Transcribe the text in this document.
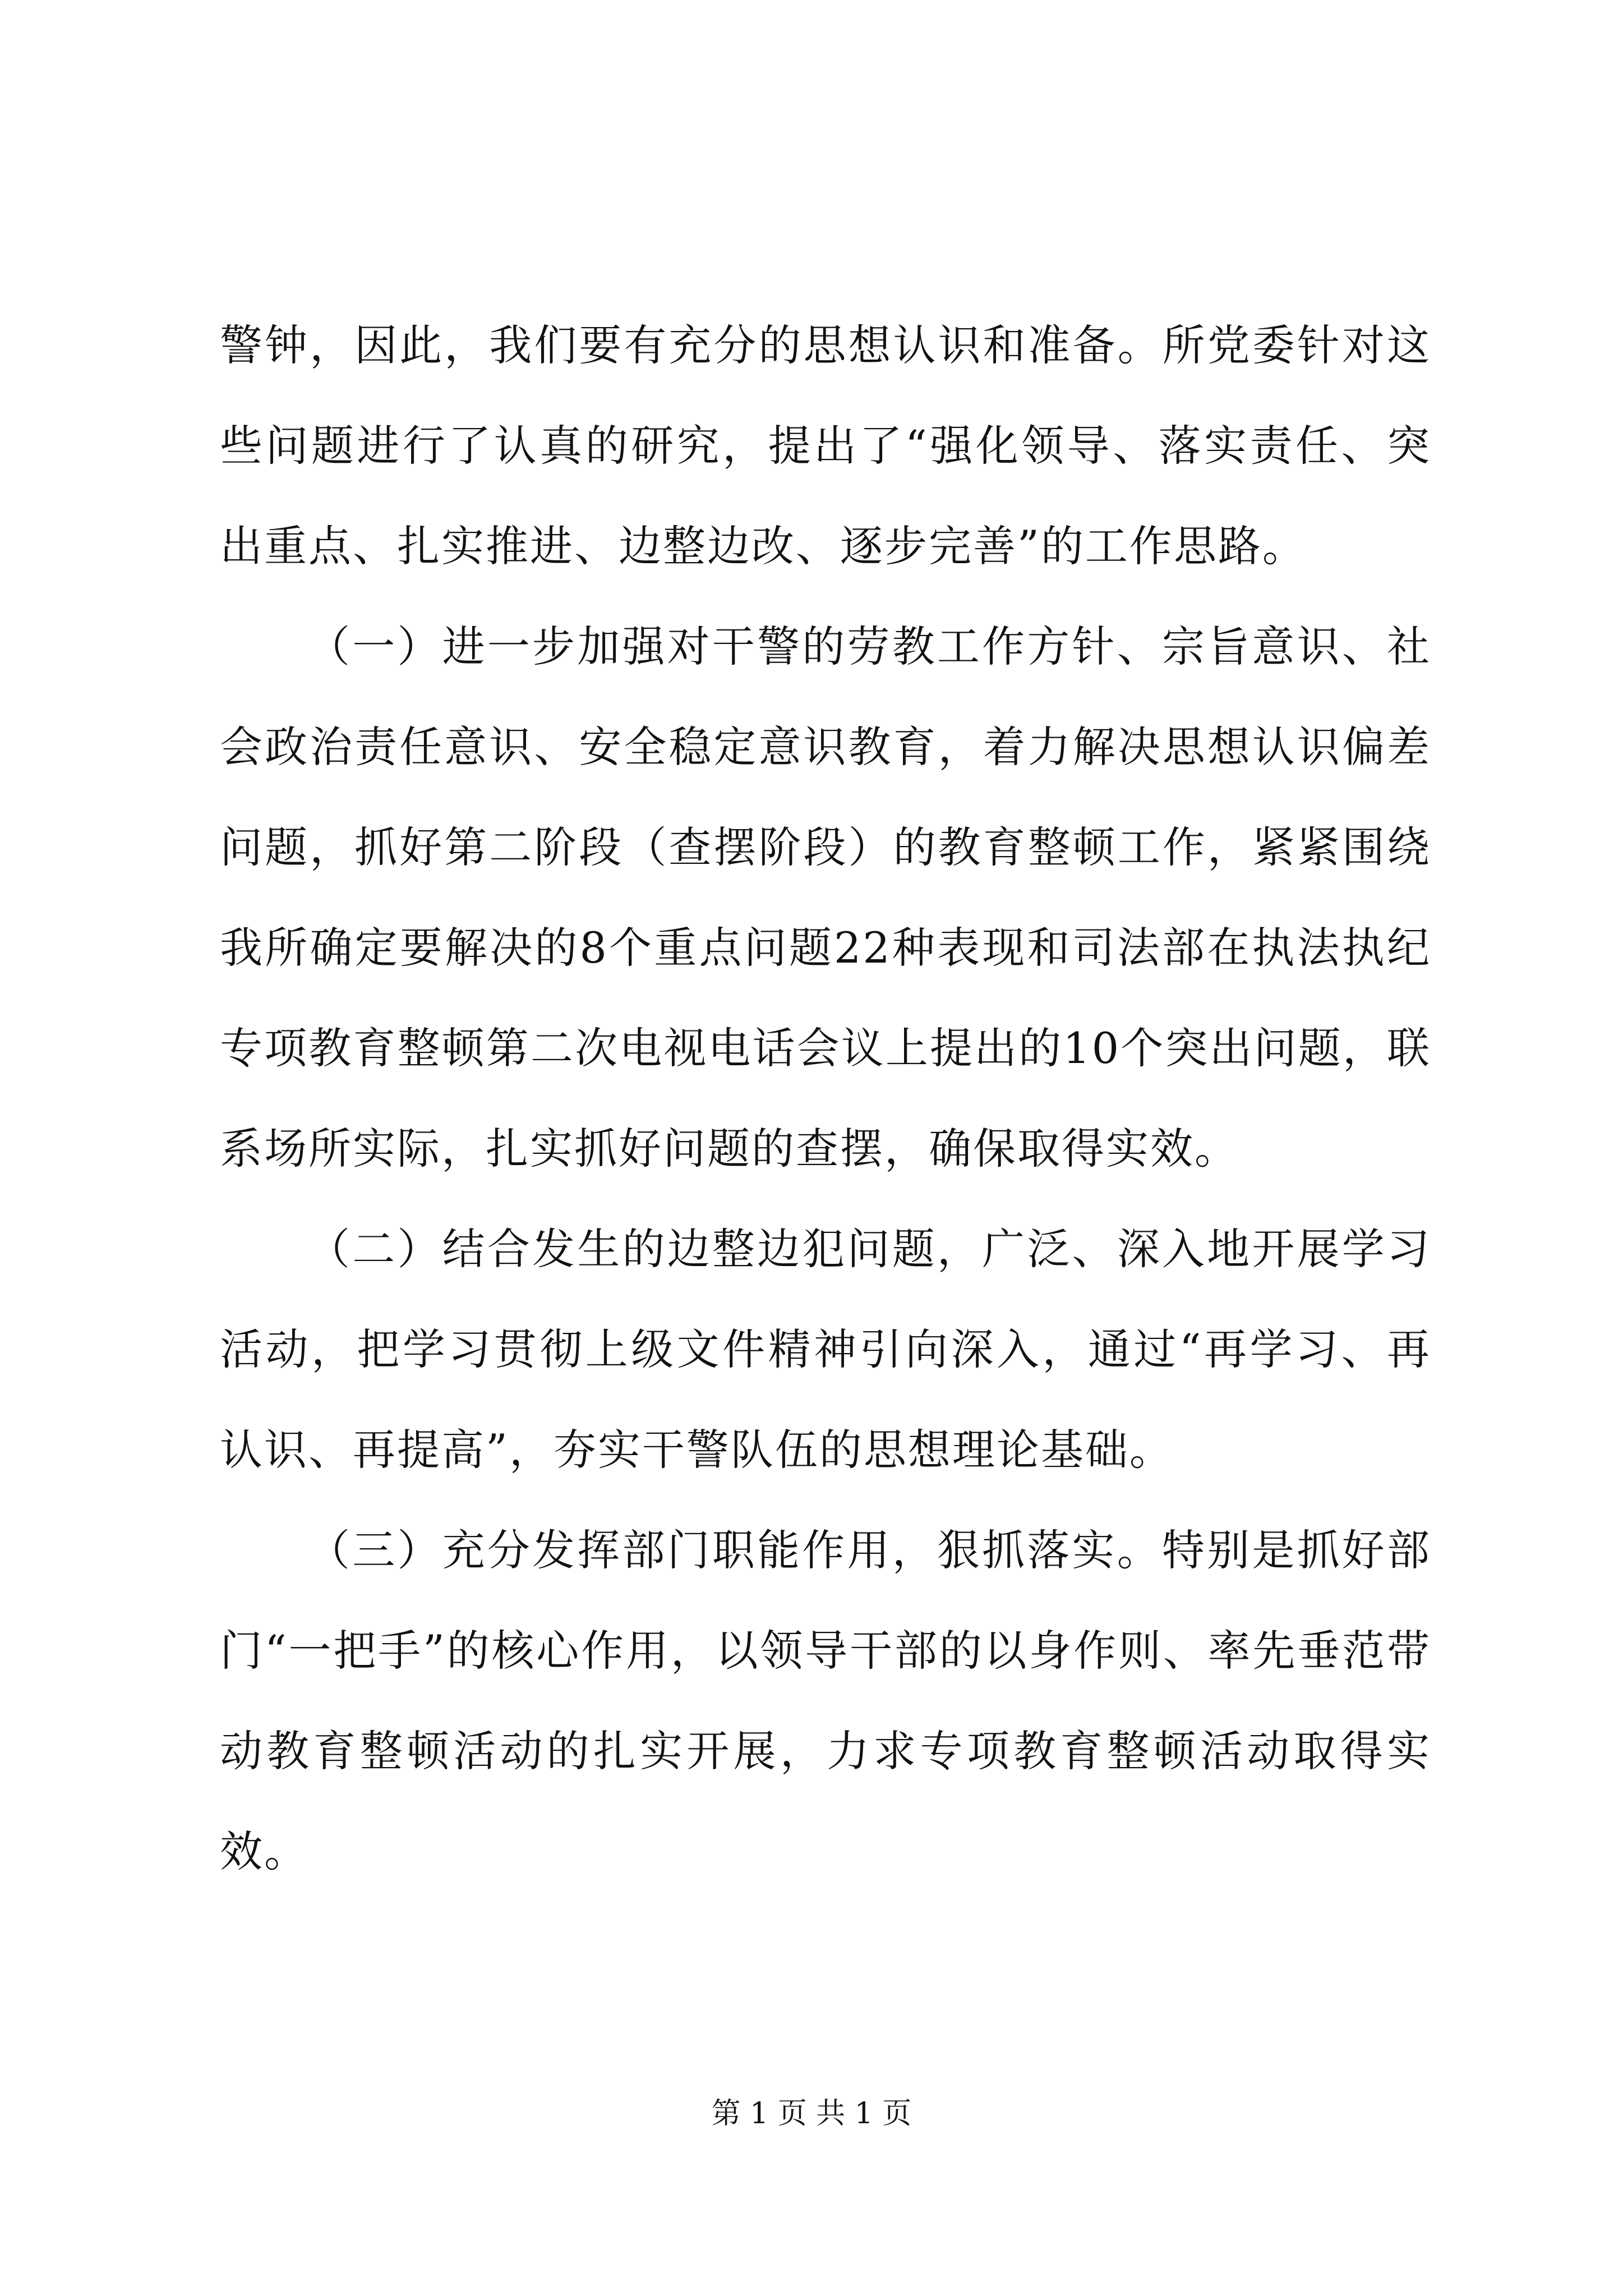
警钟，因此，我们要有充分的思想认识和准备。所党委针对这些问题进行了认真的研究，提出了“强化领导、落实责任、突出重点、扎实推进、边整边改、逐步完善”的工作思路。

（一）进一步加强对干警的劳教工作方针、宗旨意识、社会政治责任意识、安全稳定意识教育，着力解决思想认识偏差问题，抓好第二阶段（查摆阶段）的教育整顿工作，紧紧围绕我所确定要解决的8个重点问题22种表现和司法部在执法执纪专项教育整顿第二次电视电话会议上提出的10个突出问题，联系场所实际，扎实抓好问题的查摆，确保取得实效。

（二）结合发生的边整边犯问题，广泛、深入地开展学习活动，把学习贯彻上级文件精神引向深入，通过“再学习、再认识、再提高”，夯实干警队伍的思想理论基础。

（三）充分发挥部门职能作用，狠抓落实。特别是抓好部门“一把手”的核心作用，以领导干部的以身作则、率先垂范带动教育整顿活动的扎实开展，力求专项教育整顿活动取得实效。

第 1 页 共 1 页
